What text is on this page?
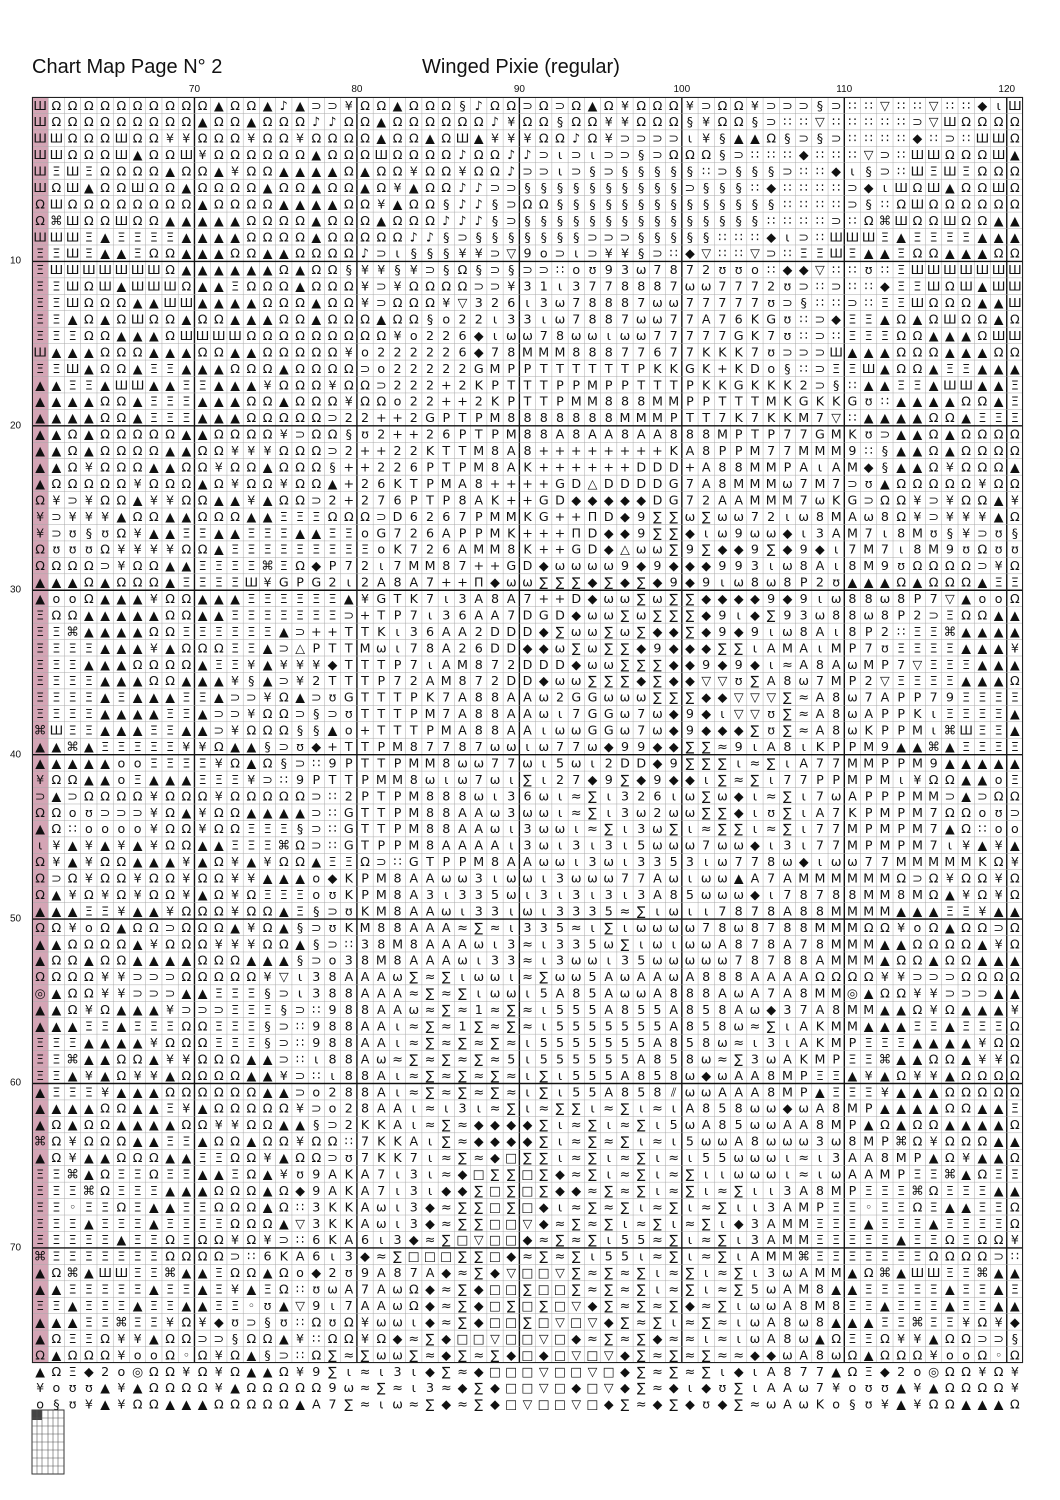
Chart Map Page N° 2	Winged Pixie (regular)
70	80	90	100	110	120
10
20
30
40
50
60
70
Ш Ω Ω Ω Ω Ω Ω Ω Ω Ω Ω ▲ Ω Ω ▲ ♪ ▲ ⊃ ⊃ ¥ Ω Ω ▲ Ω Ω Ω § ♪ Ω Ω ⊃ Ω ⊃ Ω ▲ Ω ¥ Ω Ω Ω ¥ ⊃ Ω Ω ¥ ⊃ ⊃ ⊃ § ⊃ ∷ ∷ ▽ ∷ ∷ ▽ ∷ ∷ ◆ ɩ Ш
Ш Ω Ω Ω Ω Ω Ω Ω Ω Ω ▲ Ω Ω ▲ Ω Ω Ω ♪ ♪ Ω Ω ▲ Ω Ω Ω Ω Ω Ω ♪ ¥ Ω Ω § Ω Ω ¥ ¥ Ω Ω Ω § ¥ Ω Ω § ⊃ ∷ ∷ ▽ ∷ ∷ ∷ ∷ ∷ ⊃ ▽ Ш Ω Ω Ω Ω
Ш Ш Ω Ω Ω Ш Ω Ω ¥ ¥ Ω Ω Ω ¥ Ω Ω ¥ Ω Ω Ω Ω ▲ Ω Ω ▲ Ω Ш ▲ ¥ ¥ ¥ Ω Ω ♪ Ω ¥ ⊃ ⊃ ⊃ ⊃ ɩ ¥ § ▲ ▲ Ω § ⊃ § ⊃ ∷ ∷ ∷ ∷ ◆ ∷ ⊃ ∷ Ш Ш Ω
Ш Ш Ω Ω Ω Ш ▲ Ω Ω Ш ¥ Ω Ω Ω Ω Ω Ω ▲ Ω Ω Ω Ш Ω Ω Ω Ω ♪ Ω Ω ♪ ♪ ⊃ ɩ ⊃ ɩ ⊃ ⊃ § ⊃ Ω Ω Ω § ⊃ ∷ ∷ ∷ ◆ ∷ ∷ ∷ ▽ ⊃ ∷ Ш Ш Ω Ω Ω Ш ▲
Ш Ξ Ш Ξ Ω Ω Ω Ω ▲ Ω Ω ▲ ¥ Ω Ω ▲ ▲ ▲ ▲ Ω ▲ Ω Ω ¥ Ω Ω ¥ Ω Ω ♪ ⊃ ⊃ ɩ ⊃ § ⊃ § § § § § ∷ ⊃ § § § ⊃ ∷ ∷ ◆ ɩ § ⊃ ∷ Ш Ξ Ш Ξ Ω Ω Ω
Ш Ω Ш ▲ Ω Ω Ш Ω Ω ▲ Ω Ω Ω Ω ▲ Ω Ω ▲ Ω Ω ▲ Ω ¥ ▲ Ω Ω ♪ ♪ ⊃ ⊃ § § § § § § § § § § ⊃ § § § ∷ ◆ ∷ ∷ ∷ ∷ ⊃ ◆ ɩ Ш Ω Ш ▲ Ω Ω Ш Ω
Ω Ш Ω Ω Ω Ω Ω Ω Ω Ω ▲ Ω Ω Ω Ω ▲ ▲ ▲ ▲ Ω Ω ¥ ▲ Ω Ω § ♪ ♪ § ⊃ Ω Ω § § § § § § § § § § § § § § ∷ ∷ ∷ ∷ ⊃ § ∷ Ω Ш Ω Ω Ω Ω Ω Ω
Ω ⌘ Ш Ω Ω Ш Ω Ω ▲ ▲ ▲ ▲ ▲ Ω Ω Ω Ω ▲ Ω Ω Ω ▲ Ω Ω Ω ♪ ♪ ♪ § ⊃ § § § § § § § § § § § § § § § ∷ ∷ ∷ ∷ ⊃ ∷ Ω ⌘ Ш Ω Ω Ш Ω Ω ▲ ▲
Ш Ш Ш Ξ ▲ Ξ Ξ Ξ Ξ ▲ ▲ ▲ ▲ Ω Ω Ω Ω ▲ Ω Ω Ω Ω Ω ♪ ♪ § ⊃ § § § § § § § ⊃ ⊃ ⊃ § § § § § ∷ ∷ ∷ ◆ ɩ ⊃ ∷ Ш Ш Ш Ξ ▲ Ξ Ξ Ξ Ξ ▲ ▲ ▲
Ξ Ξ Ш Ξ ▲ ▲ Ξ Ω Ω ▲ ▲ ▲ Ω Ω ▲ ▲ Ω Ω Ω Ω ♪ ⊃ ɩ § § § ¥ ¥ ⊃ ▽ 9 o ⊃ ɩ ⊃ ¥ ¥ § ⊃ ∷ ◆ ▽ ∷ ∷ ▽ ⊃ ∷ Ξ Ξ Ш Ξ ▲ ▲ Ξ Ω Ω ▲ ▲ ▲ Ω Ω
Ξ Ш Ш Ш Ш Ш Ш Ш Ω ▲ ▲ ▲ ▲ ▲ ▲ Ω ▲ Ω Ω § ¥ ¥ § ¥ ⊃ § Ω § ⊃ § ⊃ ⊃ ∷ o ʊ 9 3 ω 7 8 7 2 ʊ ʊ o ∷ ◆ ◆ ▽ ∷ ∷ ʊ ∷ Ξ Ш Ш Ш Ш Ш Ш Ш
Ξ Ξ Ш Ω Ш ▲ Ш Ш Ш Ω ▲ ▲ Ξ Ω Ω Ω ▲ Ω Ω Ω ¥ ⊃ ¥ Ω Ω Ω Ω ⊃ ⊃ ¥ 3 1 ɩ 3 7 7 8 8 8 7 ω ω 7 7 7 2 ʊ ⊃ ∷ ⊃ ∷ ∷ ◆ Ξ Ξ Ш Ω Ш ▲ Ш Ш
Ξ Ξ Ш Ω Ω Ω ▲ ▲ Ш Ш ▲ ▲ ▲ ▲ Ω Ω Ω ▲ Ω Ω ¥ ⊃ Ω Ω Ω ¥ ▽ 3 2 6 ɩ 3 ω 7 8 8 8 7 ω ω 7 7 7 7 7 ʊ ⊃ § ∷ ∷ ⊃ ∷ Ξ Ξ Ш Ω Ω Ω ▲ ▲ Ш
Ξ Ξ ▲ Ω ▲ Ω Ш Ω Ω ▲ Ω Ω ▲ ▲ ▲ Ω Ω ▲ Ω Ω Ω ▲ Ω Ω § o 2 2 ɩ 3 3 ɩ ω 7 8 8 7 ω ω 7 7 A 7 6 K G ʊ ∷ ⊃ ◆ Ξ Ξ ▲ Ω ▲ Ω Ш Ω Ω ▲ Ω
Ξ Ξ Ξ Ω Ω ▲ ▲ ▲ Ω Ш Ш Ш Ш Ω Ω Ω Ω Ω Ω Ω Ω Ω ¥ o 2 2 6 ◆ ɩ ω ω 7 8 ω ω ɩ ω ω 7 7 7 7 7 G K 7 ʊ ∷ ⊃ ∷ Ξ Ξ Ξ Ω Ω ▲ ▲ ▲ Ω Ш Ш
Ш ▲ ▲ ▲ Ω Ω Ω ▲ ▲ ▲ Ω Ω ▲ ▲ Ω Ω Ω Ω Ω ¥ o 2 2 2 2 2 6 ◆ 7 8 M M M 8 8 8 7 7 6 7 7 K K K 7 ʊ ⊃ ⊃ ⊃ Ш ▲ ▲ ▲ Ω Ω Ω ▲ ▲ ▲ Ω Ω
Ξ Ξ Ш ▲ Ω Ω ▲ Ξ Ξ ▲ ▲ ▲ Ω Ω Ω ▲ Ω Ω Ω Ω ⊃ o 2 2 2 2 2 G M P P T T T T T T P K K G K + K D o § ∷ ⊃ Ξ Ξ Ш ▲ Ω Ω ▲ Ξ Ξ ▲ ▲ ▲
▲ ▲ Ξ Ξ ▲ Ш Ш ▲ ▲ Ξ Ξ ▲ ▲ ▲ ¥ Ω Ω Ω ¥ Ω Ω ⊃ 2 2 2 + 2 K P T T T P P M P P T T T P K K G K K K 2 ⊃ § ∷ ▲ ▲ Ξ Ξ ▲ Ш Ш ▲ ▲ Ξ
▲ ▲ ▲ ▲ Ω Ω ▲ Ξ Ξ Ξ ▲ ▲ ▲ Ω Ω ▲ Ω Ω Ω ¥ Ω Ω o 2 2 + + 2 K P T T P M M 8 8 8 M M P P T T T M K G K K G ʊ ∷ ▲ ▲ ▲ ▲ Ω Ω ▲ Ξ
▲ ▲ ▲ ▲ Ω Ω ▲ Ξ Ξ Ξ ▲ ▲ ▲ Ω Ω Ω Ω Ω ⊃ 2 2 + + 2 G P T P M 8 8 8 8 8 8 8 M M M P T T 7 K 7 K K M 7 ▽ ∷ ▲ ▲ ▲ ▲ Ω Ω ▲ Ξ Ξ Ξ
▲ ▲ Ω ▲ Ω Ω Ω Ω Ω ▲ ▲ Ω Ω Ω Ω ¥ ⊃ Ω Ω § ʊ 2 + + 2 6 P T P M 8 8 A 8 A A 8 A A 8 8 8 M P T P 7 7 G M K ʊ ⊃ ▲ ▲ Ω ▲ Ω Ω Ω Ω
▲ ▲ Ω ▲ Ω Ω Ω Ω ▲ ▲ Ω Ω ¥ ¥ ¥ Ω Ω Ω ⊃ 2 + + 2 2 K T T M 8 A 8 + + + + + + + + K A 8 P P M 7 7 M M M 9 ∷ § ▲ ▲ Ω ▲ Ω Ω Ω Ω
▲ ▲ Ω ¥ Ω Ω Ω ▲ ▲ Ω Ω ¥ Ω Ω ▲ Ω Ω Ω § + + 2 2 6 P T P M 8 A K + + + + + + D D D + A 8 8 M M P A ɩ A M ◆ § ▲ ▲ Ω ¥ Ω Ω Ω ▲
▲ Ω Ω Ω Ω Ω ¥ Ω Ω Ω ▲ Ω ¥ Ω Ω ¥ Ω Ω ▲ + 2 6 K T P M A 8 + + + + G D △ D D D D G 7 A 8 M M M ω 7 M 7 ⊃ ʊ ▲ Ω Ω Ω Ω Ω ¥ Ω Ω
Ω ¥ ⊃ ¥ Ω Ω ▲ ¥ ¥ Ω Ω ▲ ▲ ¥ ▲ Ω Ω ⊃ 2 + 2 7 6 P T P 8 A K + + G D ◆ ◆ ◆ ◆ ◆ D G 7 2 A A M M M 7 ω K G ⊃ Ω Ω ¥ ⊃ ¥ Ω Ω ▲ ¥
¥ ⊃ ¥ ¥ ¥ ▲ Ω Ω ▲ ▲ Ω Ω Ω ▲ ▲ Ξ Ξ Ξ Ω Ω Ω ⊃ D 6 2 6 7 P M M K G + + Π D ◆ 9 ∑ ∑ ω ∑ ω ω 7 2 ɩ ω 8 M A ω 8 Ω ¥ ⊃ ¥ ¥ ¥ ▲ Ω
¥ ⊃ ʊ § ʊ Ω ¥ ▲ ▲ Ξ Ξ ▲ ▲ Ξ Ξ Ξ ▲ ▲ Ξ Ξ o G 7 2 6 A P P M K + + + Π D ◆ ◆ 9 ∑ ∑ ◆ ɩ ω 9 ω ω ◆ ɩ 3 A M 7 ɩ 8 M ʊ § ¥ ⊃ ʊ §
Ω ʊ ʊ ʊ Ω ¥ ¥ ¥ ¥ Ω Ω ▲ Ξ Ξ Ξ Ξ Ξ Ξ Ξ Ξ Ξ o K 7 2 6 A M M 8 K + + G D ◆ △ ω ω ∑ 9 ∑ ◆ ◆ 9 ∑ ◆ 9 ◆ ɩ 7 M 7 ɩ 8 M 9 ʊ Ω ʊ ʊ
Ω Ω Ω Ω ⊃ ¥ Ω Ω ▲ ▲ Ξ Ξ Ξ Ξ ⌘ Ξ Ω ◆ P 7 2 ɩ 7 M M 8 7 + + G D ◆ ω ω ω ω 9 ◆ 9 ◆ ◆ ◆ 9 9 3 ɩ ω 8 A ɩ 8 M 9 ʊ Ω Ω Ω Ω ⊃ ¥ Ω
▲ ▲ ▲ Ω ▲ Ω Ω Ω ▲ Ξ Ξ Ξ Ξ Ш ¥ G P G 2 ɩ 2 A 8 A 7 + + Π ◆ ω ω ∑ ∑ ∑ ◆ ∑ ◆ ∑ ◆ 9 ◆ 9 ɩ ω 8 ω 8 P 2 ʊ ▲ ▲ ▲ Ω ▲ Ω Ω Ω ▲ Ξ Ξ
▲ o o Ω ▲ ▲ ▲ ¥ Ω Ω ▲ ▲ ▲ Ξ Ξ Ξ Ξ Ξ Ξ ▲ ¥ G T K 7 ɩ 3 A 8 A 7 + + D ◆ ω ω ∑ ω ∑ ∑ ◆ ◆ ◆ ◆ 9 ◆ 9 ɩ ω 8 8 ω 8 P 7 ▽ ▲ o o Ω
Ξ Ω Ω ▲ ▲ ▲ ▲ ▲ Ω Ω ▲ ▲ Ξ Ξ Ξ Ξ Ξ Ξ Ξ ⊃ + T P 7 ɩ 3 6 A A 7 D G D ◆ ω ω ∑ ω ∑ ∑ ∑ ◆ 9 ɩ ◆ ∑ 9 3 ω 8 8 ω 8 P 2 ⊃ Ξ Ω Ω ▲ ▲
Ξ Ξ ⌘ ▲ ▲ ▲ ▲ Ω Ω Ξ Ξ Ξ Ξ Ξ Ξ ▲ ⊃ + + T T K ɩ 3 6 A A 2 D D D ◆ ∑ ω ω ∑ ω ∑ ◆ ◆ ∑ ◆ 9 ◆ 9 ɩ ω 8 A ɩ 8 P 2 ∷ Ξ Ξ ⌘ ▲ ▲ ▲ ▲
Ξ Ξ Ξ Ξ ▲ ▲ ▲ ¥ ▲ Ω Ω Ω Ξ Ξ ▲ ⊃ △ P T T M ω ɩ 7 8 A 2 6 D D ◆ ◆ ω ∑ ω ∑ ∑ ◆ 9 ◆ ◆ ◆ ∑ ∑ ɩ A M A ɩ M P 7 ʊ Ξ Ξ Ξ Ξ ▲ ▲ ▲ ¥
Ξ Ξ Ξ ▲ ▲ ▲ Ω Ω Ω Ω ▲ Ξ Ξ ¥ ▲ ¥ ¥ ¥ ◆ T T T P 7 ɩ A M 8 7 2 D D D ◆ ω ω ∑ ∑ ∑ ◆ ◆ 9 ◆ 9 ◆ ɩ ≈ A 8 A ω M P 7 ▽ Ξ Ξ Ξ ▲ ▲ ▲
Ξ Ξ Ξ Ξ ▲ ▲ ▲ Ω Ω ▲ ▲ ▲ ¥ § ▲ ⊃ ¥ 2 T T T P 7 2 A M 8 7 2 D D ◆ ω ω ∑ ∑ ∑ ◆ ∑ ◆ ◆ ▽ ▽ ʊ ∑ A 8 ω 7 M P 2 ▽ Ξ Ξ Ξ Ξ ▲ ▲ ▲ Ω
Ξ Ξ Ξ Ξ ▲ Ξ ▲ ▲ ▲ Ξ Ξ ▲ ⊃ ⊃ ¥ Ω ▲ ⊃ ʊ G T T T P K 7 A 8 8 A A ω 2 G G ω ω ω ∑ ∑ ∑ ◆ ◆ ▽ ▽ ▽ ∑ ≈ A 8 ω 7 A P P 7 9 Ξ Ξ Ξ Ξ
Ξ Ξ Ξ Ξ ▲ ▲ ▲ ▲ Ξ Ξ ▲ ⊃ ⊃ ¥ Ω Ω ⊃ § ⊃ ʊ T T T P M 7 A 8 8 A A ω ɩ 7 G G ω 7 ω ◆ 9 ◆ ɩ ▽ ▽ ʊ ∑ ≈ A 8 ω A P P K ɩ Ξ Ξ Ξ Ξ ▲
⌘ Ш Ξ Ξ ▲ ▲ ▲ Ξ Ξ ▲ ▲ ⊃ ¥ Ω Ω Ω § § ▲ o + T T T P M A 8 8 A A ɩ ω ω G G ω 7 ω ◆ 9 ◆ ◆ ◆ ∑ ʊ ∑ ≈ A 8 ω K P P M ɩ ⌘ Ш Ξ Ξ ▲
▲ ▲ ⌘ ▲ Ξ Ξ Ξ Ξ Ξ ¥ ¥ Ω ▲ ▲ § ⊃ ʊ ◆ + T T P M 8 7 7 8 7 ω ω ɩ ω 7 7 ω ◆ 9 9 ◆ ◆ ∑ ∑ ≈ 9 ɩ A 8 ɩ K P P M 9 ▲ ▲ ⌘ ▲ Ξ Ξ Ξ Ξ
▲ ▲ ▲ ▲ ▲ o o Ξ Ξ Ξ Ξ ¥ Ω ▲ Ω § ⊃ ∷ 9 P T T P M M 8 ω ω 7 7 ω ɩ 5 ω ɩ 2 D D ◆ 9 ∑ ∑ ∑ ɩ ≈ ∑ ɩ A 7 7 M M P P M 9 ▲ ▲ ▲ ▲ ▲
¥ Ω Ω ▲ ▲ o Ξ ▲ ▲ ▲ Ξ Ξ Ξ ¥ ⊃ ∷ 9 P T T P M M 8 ω ɩ ω 7 ω ɩ ∑ ɩ 2 7 ◆ 9 ∑ ◆ 9 ◆ ◆ ɩ ∑ ≈ ∑ ɩ 7 7 P P M P M ɩ ¥ Ω Ω ▲ ▲ o Ξ
⊃ ▲ ⊃ Ω Ω Ω Ω ¥ Ω Ω Ω ¥ Ω Ω Ω Ω Ω ⊃ ∷ 2 P T P M 8 8 8 ω ɩ 3 6 ω ɩ ≈ ∑ ɩ 3 2 6 ɩ ω ∑ ω ◆ ɩ ≈ ∑ ɩ 7 ω A P P P M M ⊃ ▲ ⊃ Ω Ω
Ω Ω o ʊ ⊃ ⊃ ⊃ ¥ Ω ▲ ¥ Ω Ω ▲ ▲ ▲ ▲ ⊃ ∷ G T T P M 8 8 A A ω 3 ω ω ɩ ≈ ∑ ɩ 3 ω 2 ω ω ∑ ∑ ◆ ɩ ʊ ∑ ɩ A 7 K P M P M 7 Ω Ω o ʊ ⊃
▲ Ω ∷ o o o o ¥ Ω Ω ¥ Ω Ω Ξ Ξ Ξ § ⊃ ∷ G T T P M 8 8 A A ω ɩ 3 ω ω ɩ ≈ ∑ ɩ 3 ω ∑ ɩ ≈ ∑ ∑ ɩ ≈ ∑ ɩ 7 7 M P M P M 7 ▲ Ω ∷ o o
ɩ ¥ ▲ ¥ ▲ ¥ ▲ ¥ Ω Ω ▲ ▲ Ξ Ξ Ξ ⌘ Ω ⊃ ∷ G T P P M 8 A A A A ɩ 3 ω ɩ 3 ɩ 3 ɩ 5 ω ω ω 7 ω ω ◆ ɩ 3 ɩ 7 7 M P M P M 7 ɩ ¥ ▲ ¥ ▲
Ω ¥ ▲ ¥ Ω Ω ▲ ▲ ▲ ¥ ▲ Ω ¥ ▲ ¥ Ω Ω ▲ Ξ Ξ Ω ⊃ ∷ G T P P M 8 A A ω ω ɩ 3 ω ɩ 3 3 5 3 ɩ ω 7 7 8 ω ◆ ɩ ω ω 7 7 M M M M M K Ω ¥
Ω ⊃ Ω ¥ Ω Ω ¥ Ω Ω ¥ Ω Ω ¥ ¥ ▲ ▲ ▲ o ◆ K P M 8 A A ω ω 3 ɩ ω ω ɩ 3 ω ω ω 7 7 A ω ɩ ω ω ▲ A 7 A M M M M M M Ω ⊃ Ω ¥ Ω Ω ¥ Ω
Ω ▲ ¥ Ω ¥ Ω ¥ Ω Ω ¥ ▲ Ω ¥ Ω Ξ Ξ Ξ o ʊ K P M 8 A 3 ɩ 3 3 5 ω ɩ 3 ɩ 3 ɩ 3 ɩ 3 A 8 5 ω ω ω ◆ ɩ 7 8 7 8 8 M M 8 M Ω ▲ ¥ Ω ¥ Ω
▲ ▲ ▲ Ξ Ξ ¥ ▲ ▲ ¥ Ω Ω Ω ¥ Ω Ω ▲ Ξ § ⊃ ʊ K M 8 A A ω ɩ 3 3 ɩ ω ɩ 3 3 3 5 ≈ ∑ ɩ ω ɩ ɩ 7 8 7 8 A 8 8 M M M M ▲ ▲ ▲ Ξ Ξ ¥ ▲ ▲
Ω Ω ¥ o Ω ▲ Ω Ω ⊃ Ω Ω Ω ▲ ¥ Ω ▲ § ⊃ ʊ K M 8 8 A A A ≈ ∑ ≈ ɩ 3 3 5 ≈ ɩ ∑ ɩ ω ω ω ω 7 8 ω 8 7 8 8 M M M Ω Ω ¥ o Ω ▲ Ω Ω ⊃ Ω
▲ ▲ Ω Ω Ω Ω ▲ ¥ Ω Ω Ω ¥ ¥ ¥ Ω Ω ▲ § ⊃ ∷ 3 8 M 8 A A A ω ɩ 3 ≈ ɩ 3 3 5 ω ∑ ɩ ω ɩ ω ω A 8 7 8 A 7 8 M M M ▲ ▲ Ω Ω Ω Ω ▲ ¥ Ω
▲ Ω Ω ▲ Ω Ω ▲ ▲ ▲ ▲ Ω Ω Ω ▲ ▲ ▲ § ⊃ o 3 8 M 8 A A A ω ɩ 3 3 ≈ ɩ 3 ω ω ɩ 3 5 ω ω ω ω ω 7 8 7 8 8 A M M M ▲ Ω Ω ▲ Ω Ω ▲ ▲ ▲
Ω Ω Ω Ω ¥ ¥ ⊃ ⊃ ⊃ Ω Ω Ω Ω Ω ¥ ▽ ɩ 3 8 A A A ω ∑ ≈ ∑ ɩ ω ω ɩ ≈ ∑ ω ω 5 A ω A A ω A 8 8 8 A A A A Ω Ω Ω Ω ¥ ¥ ⊃ ⊃ ⊃ Ω Ω Ω Ω
◎ ▲ Ω Ω ¥ ¥ ⊃ ⊃ ⊃ ▲ ▲ Ξ Ξ Ξ § ⊃ ɩ 3 8 8 A A A ≈ ∑ ≈ ∑ ɩ ω ω ɩ 5 A 8 5 A ω ω A 8 8 8 A ω A 7 A 8 M M ◎ ▲ Ω Ω ¥ ¥ ⊃ ⊃ ⊃ ▲ ▲
▲ ▲ Ω ¥ Ω ▲ ▲ ▲ ¥ ⊃ ⊃ ⊃ Ξ Ξ Ξ § ⊃ ∷ 9 8 8 A A ω ≈ ∑ ≈ 1 ≈ ∑ ≈ ɩ 5 5 5 A 8 5 5 A 8 5 8 A ω ◆ 3 7 A 8 M M ▲ ▲ Ω ¥ Ω ▲ ▲ ▲ ¥
▲ ▲ ▲ Ξ Ξ ▲ Ξ Ξ Ξ Ω Ω Ξ Ξ Ξ § ⊃ ∷ 9 8 8 A A ɩ ≈ ∑ ≈ 1 ∑ ≈ ∑ ≈ ɩ 5 5 5 5 5 5 5 A 8 5 8 ω ≈ ∑ ɩ A K M M ▲ ▲ ▲ Ξ Ξ ▲ Ξ Ξ Ξ Ω
Ξ Ξ Ξ ▲ ▲ ▲ ▲ ¥ Ω Ω Ω Ξ Ξ Ξ § ⊃ ∷ 9 8 8 A A ɩ ≈ ∑ ≈ ∑ ≈ ∑ ≈ ɩ 5 5 5 5 5 5 5 A 8 5 8 ω ≈ ɩ 3 ɩ A K M P Ξ Ξ Ξ ▲ ▲ ▲ ▲ ¥ Ω Ω
Ξ Ξ ⌘ ▲ ▲ Ω Ω ▲ ¥ ¥ Ω Ω Ω ▲ ▲ ⊃ ∷ ɩ 8 8 A ω ≈ ∑ ≈ ∑ ≈ ∑ ≈ 5 ɩ 5 5 5 5 5 5 A 8 5 8 ω ≈ ∑ 3 ω A K M P Ξ Ξ ⌘ ▲ ▲ Ω Ω ▲ ¥ ¥ Ω
Ξ Ξ ▲ ¥ ▲ Ω ¥ ¥ ▲ Ω Ω Ω Ω ▲ ▲ ¥ ⊃ ∷ ɩ 8 8 A ɩ ≈ ∑ ≈ ∑ ≈ ∑ ≈ ɩ ∑ ɩ 5 5 5 A 8 5 8 ω ◆ ω A A 8 M P Ξ Ξ ▲ ¥ ▲ Ω ¥ ¥ ▲ Ω Ω Ω Ω
▲ Ξ Ξ Ξ ¥ ▲ ▲ ▲ Ω Ω Ω Ω Ω Ω ▲ ▲ ⊃ o 2 8 8 A ɩ ≈ ∑ ≈ ∑ ≈ ∑ ≈ ɩ ∑ ɩ 5 5 A 8 5 8 ⫽ ω ω A A A 8 M P ▲ Ξ Ξ Ξ ¥ ▲ ▲ ▲ Ω Ω Ω Ω Ω
▲ ▲ ▲ ▲ Ω Ω ▲ ▲ Ξ ¥ ▲ Ω Ω Ω Ω Ω ¥ ⊃ o 2 8 A A ɩ ≈ ɩ 3 ɩ ≈ ∑ ɩ ≈ ∑ ∑ ɩ ≈ ∑ ɩ ≈ ɩ A 8 5 8 ω ω ◆ ω A 8 M P ▲ ▲ ▲ ▲ Ω Ω ▲ ▲ Ξ
▲ Ω ▲ Ω Ω ▲ ▲ ▲ ▲ Ω Ω ¥ ¥ Ω Ω ▲ ▲ § ⊃ 2 K K A ɩ ≈ ∑ ≈ ◆ ◆ ◆ ◆ ∑ ɩ ≈ ∑ ɩ ≈ ∑ ɩ 5 ω A 8 5 ω ω A A 8 M P ▲ Ω ▲ Ω Ω ▲ ▲ ▲ ▲ Ω
⌘ Ω ¥ Ω Ω Ω ▲ ▲ Ξ Ξ ▲ Ω Ω ▲ Ω Ω ¥ Ω Ω ∷ 7 K K A ɩ ∑ ≈ ◆ ◆ ◆ ◆ ∑ ɩ ≈ ∑ ≈ ∑ ɩ ≈ ɩ 5 ω ω A 8 ω ω ω 3 ω 8 M P ⌘ Ω ¥ Ω Ω Ω ▲ ▲
▲ Ω ¥ ▲ ▲ Ω Ω Ω ▲ ▲ Ξ Ξ Ω Ω ¥ ▲ Ω Ω ⊃ ʊ 7 K K 7 ɩ ≈ ∑ ≈ ◆ □ ∑ ∑ ɩ ≈ ∑ ɩ ≈ ∑ ɩ ≈ ɩ 5 5 ω ω ω ɩ ≈ ɩ 3 A A 8 M P ▲ Ω ¥ ▲ ▲ Ω
Ξ Ξ ⌘ ▲ Ω Ξ Ξ Ω Ξ Ξ ▲ ▲ Ξ Ω ▲ ¥ ʊ 9 A K A 7 ɩ 3 ɩ ≈ ◆ □ ∑ ∑ □ ∑ ◆ ≈ ∑ ɩ ≈ ∑ ɩ ≈ ∑ ɩ ɩ ω ω ω ɩ ≈ ɩ ω A A M P Ξ Ξ ⌘ ▲ Ω Ξ Ξ
Ξ Ξ Ξ ⌘ Ω Ξ Ξ Ξ ▲ ▲ ▲ Ω Ω Ω ▲ Ω ◆ 9 A K A 7 ɩ 3 ɩ ◆ ◆ ∑ □ ∑ □ ∑ ◆ ◆ ≈ ∑ ≈ ∑ ɩ ≈ ∑ ɩ ≈ ∑ ɩ ɩ 3 A 8 M P Ξ Ξ Ξ ⌘ Ω Ξ Ξ Ξ ▲ ▲
Ξ Ξ ◦ Ξ Ξ Ω Ξ ▲ ▲ Ξ Ξ Ω Ω Ω ▲ Ω ∷ 3 K K A ω ɩ 3 ◆ ≈ ∑ ∑ □ ∑ □ ◆ ɩ ≈ ∑ ≈ ∑ ɩ ≈ ∑ ɩ ≈ ∑ ɩ ɩ 3 A M P Ξ Ξ ◦ Ξ Ξ Ω Ξ ▲ ▲ Ξ Ξ Ω
Ξ Ξ Ξ ▲ Ξ Ξ Ξ ▲ Ξ Ξ Ξ Ξ Ω Ω Ω ▲ ▽ 3 K K A ω ɩ 3 ◆ ≈ ∑ ∑ □ □ ▽ ◆ ≈ ∑ ≈ ∑ ɩ ≈ ∑ ɩ ≈ ∑ ɩ ◆ 3 A M M Ξ Ξ Ξ ▲ Ξ Ξ Ξ ▲ Ξ Ξ Ξ Ξ Ω
Ξ Ξ Ξ Ξ Ξ ▲ Ξ Ξ Ω Ξ Ω Ω ¥ Ω ¥ ⊃ ∷ 6 K A 6 ɩ 3 ◆ ≈ ∑ □ ▽ □ □ ◆ ≈ ∑ ≈ ∑ ɩ 5 5 ≈ ∑ ɩ ≈ ∑ ɩ 3 A M M Ξ Ξ Ξ Ξ Ξ ▲ Ξ Ξ Ω Ξ Ω Ω ¥
⌘ Ξ Ξ Ξ Ξ Ξ Ξ Ξ Ω Ω Ω Ω ⊃ ∷ 6 K A 6 ɩ 3 ◆ ≈ ∑ □ □ □ ∑ ∑ □ ◆ ≈ ∑ ≈ ∑ ɩ 5 5 ɩ ≈ ∑ ɩ ≈ ∑ ɩ A M M ⌘ Ξ Ξ Ξ Ξ Ξ Ξ Ξ Ω Ω Ω Ω ⊃ ∷
▲ Ω ⌘ ▲ Ш Ш Ξ Ξ ⌘ ▲ ▲ Ξ Ω Ω ▲ Ω o ◆ 2 ʊ 9 A 8 7 A ◆ ≈ ∑ ◆ ▽ □ □ ▽ ∑ ≈ ∑ ≈ ∑ ɩ ≈ ∑ ɩ ≈ ∑ ɩ 3 ω A M M ▲ Ω ⌘ ▲ Ш Ш Ξ Ξ ⌘ ▲ ▲
▲ ▲ Ξ Ξ Ξ Ξ Ξ ▲ Ξ Ξ ▲ Ξ ¥ ▲ Ξ Ω ∷ ʊ ω A 7 A ω Ω ◆ ≈ ∑ ◆ □ □ ∑ □ □ ∑ ≈ ∑ ≈ ∑ ɩ ≈ ∑ ɩ ≈ ∑ 5 ω A M 8 ▲ ▲ Ξ Ξ Ξ Ξ Ξ ▲ Ξ Ξ ▲ Ξ
Ξ Ξ ▲ Ξ Ξ Ξ ▲ Ξ Ξ ▲ ▲ Ξ Ξ ◦ ʊ ▲ ▽ 9 ɩ 7 A A ω Ω ◆ ≈ ∑ ◆ □ ∑ □ ∑ □ ▽ ◆ ∑ ≈ ∑ ≈ ∑ ◆ ≈ ∑ ɩ ω ω A 8 M 8 Ξ Ξ ▲ Ξ Ξ Ξ ▲ Ξ Ξ ▲ ▲
▲ ▲ ▲ Ξ Ξ ⌘ Ξ Ξ ¥ Ω ¥ ◆ ʊ ⊃ § ʊ ∷ Ω ʊ Ω ¥ ω ω ɩ ◆ ≈ ∑ ◆ □ □ ∑ □ ▽ □ ▽ ◆ ∑ ≈ ∑ ɩ ≈ ∑ ≈ ɩ ω A 8 ω 8 ▲ ▲ ▲ Ξ Ξ ⌘ Ξ Ξ ¥ Ω ¥ ◆
▲ Ω Ξ Ξ Ω ¥ ¥ ▲ Ω Ω ⊃ ⊃ § Ω Ω ▲ ¥ ∷ Ω Ω ¥ Ω ◆ ≈ ∑ ◆ □ □ ▽ □ □ ▽ □ ◆ ≈ ∑ ≈ ∑ ◆ ≈ ≈ ɩ ≈ ɩ ω A 8 ω ▲ Ω Ξ Ξ Ω ¥ ¥ ▲ Ω Ω ⊃ ⊃ §
Ω ▲ Ω Ω Ω ¥ o o Ω ◦ Ω ¥ Ω ▲ § ⊃ ∷ Ω ∑ ≈ ∑ ω ω ∑ ≈ ◆ ∑ ≈ ∑ ◆ □ ◆ □ ▽ □ ▽ ◆ ∑ ≈ ∑ ≈ ∑ ≈ ≈ ◆ ◆ ω A 8 ω Ω ▲ Ω Ω Ω ¥ o o Ω ◦ Ω
▲ Ω Ξ ◆ 2 o ◎ Ω Ω ¥ Ω ¥ Ω ▲ ▲ Ω ¥ 9 ∑ ɩ ≈ ɩ 3 ɩ ◆ ∑ ≈ ◆ □ □ □ ▽ □ □ ▽ □ ◆ ∑ ≈ ∑ ≈ ∑ ɩ ◆ ɩ A 8 7 7 ▲ Ω Ξ ◆ 2 o ◎ Ω Ω ¥ Ω ¥
¥ o ʊ ʊ ▲ ¥ ▲ Ω Ω Ω Ω ¥ ▲ Ω Ω Ω Ω Ω 9 ω ≈ ∑ ≈ ɩ 3 ≈ ◆ ∑ ◆ □ □ ▽ □ ◆ □ ▽ ◆ ∑ ≈ ◆ ɩ ◆ ʊ ∑ ɩ A A ω 7 ¥ o ʊ ʊ ▲ ¥ ▲ Ω Ω Ω Ω ¥
o § ʊ ¥ ▲ ¥ Ω Ω ▲ ▲ ▲ Ω Ω Ω Ω Ω ▲ A 7 ∑ ≈ ɩ ω ≈ ∑ ◆ ≈ ∑ ◆ □ ▽ □ □ ▽ □ ◆ ∑ ≈ ◆ ∑ ◆ ʊ ◆ ∑ ≈ ω A ω K o § ʊ ¥ ▲ ¥ Ω Ω ▲ ▲ ▲ Ω
